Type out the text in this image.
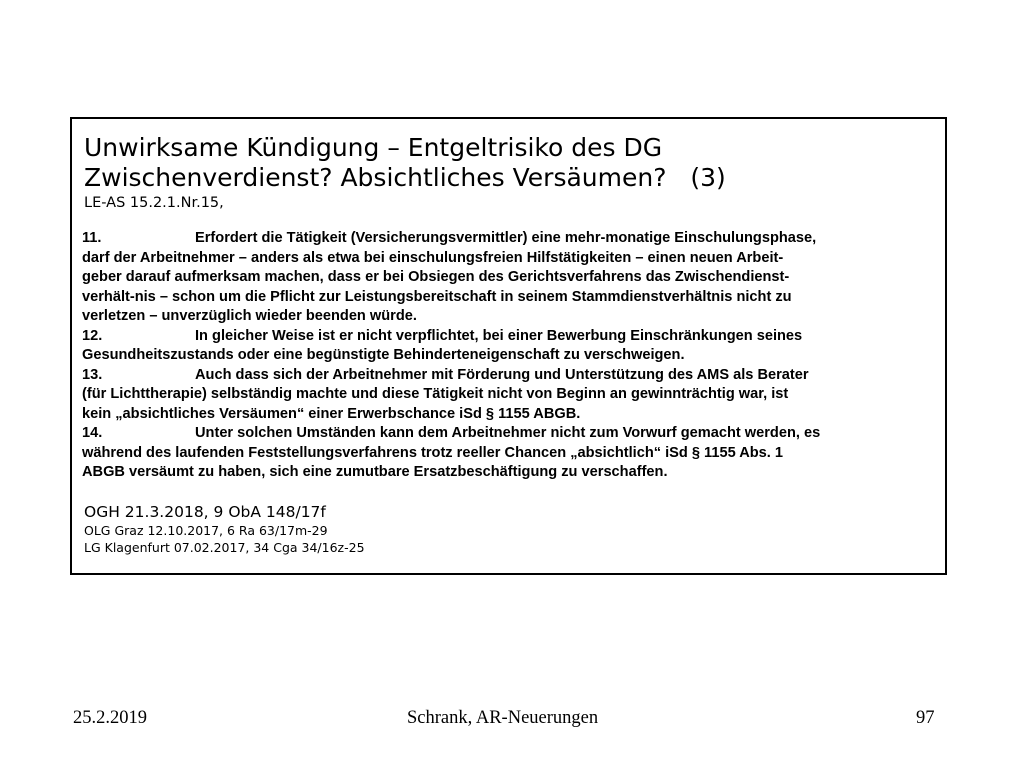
Unwirksame Kündigung – Entgeltrisiko des DG

Zwischenverdienst? Absichtliches Versäumen?   (3)

LE-AS 15.2.1.Nr.15,

11.	Erfordert die Tätigkeit (Versicherungsvermittler) eine mehr-monatige Einschulungsphase,
darf der Arbeitnehmer – anders als etwa bei einschulungsfreien Hilfstätigkeiten – einen neuen Arbeit-
geber darauf aufmerksam machen, dass er bei Obsiegen des Gerichtsverfahrens das Zwischendienst-
verhält-nis – schon um die Pflicht zur Leistungsbereitschaft in seinem Stammdienstverhältnis nicht zu
verletzen – unverzüglich wieder beenden würde.
12.	In gleicher Weise ist er nicht verpflichtet, bei einer Bewerbung Einschränkungen seines
Gesundheitszustands oder eine begünstigte Behinderteneigenschaft zu verschweigen.
13.	Auch dass sich der Arbeitnehmer mit Förderung und Unterstützung des AMS als Berater
(für Lichttherapie) selbständig machte und diese Tätigkeit nicht von Beginn an gewinnträchtig war, ist
kein „absichtliches Versäumen“ einer Erwerbschance iSd § 1155 ABGB.
14.	Unter solchen Umständen kann dem Arbeitnehmer nicht zum Vorwurf gemacht werden, es
während des laufenden Feststellungsverfahrens trotz reeller Chancen „absichtlich“ iSd § 1155 Abs. 1
ABGB versäumt zu haben, sich eine zumutbare Ersatzbeschäftigung zu verschaffen.
OGH 21.3.2018, 9 ObA 148/17f
OLG Graz 12.10.2017, 6 Ra 63/17m-29
LG Klagenfurt 07.02.2017, 34 Cga 34/16z-25
25.2.2019	Schrank, AR-Neuerungen	97
